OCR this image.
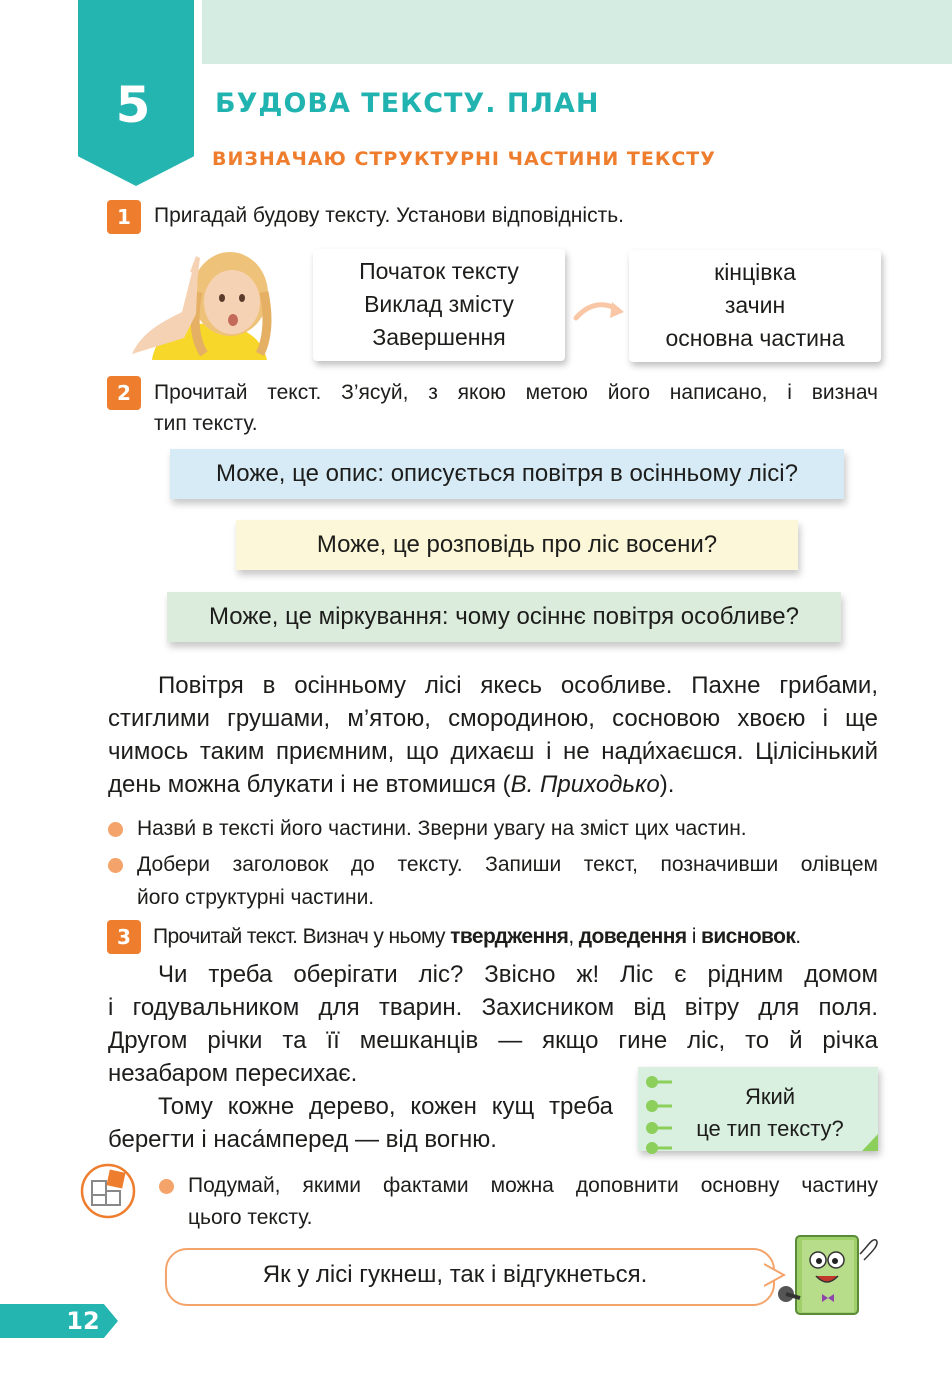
5	БУДОВА ТЕКСТУ. ПЛАН
ВИЗНАЧАЮ СТРУКТУРНІ ЧАСТИНИ ТЕКСТУ
1	Пригадай будову тексту. Установи відповідність.
Початок тексту
Виклад змісту
Завершення
кінцівка
зачин
основна частина
2	Прочитай текст. З’ясуй, з якою метою його написано, і визнач
тип тексту.
Може, це опис: описується повітря в осінньому лісі?
Може, це розповідь про ліс восени?
Може, це міркування: чому осіннє повітря особливе?
Повітря в осінньому лісі якесь особливе. Пахне грибами,
стиглими грушами, м’ятою, смородиною, сосновою хвоєю і ще
чимось таким приємним, що дихаєш і не нади́хаєшся. Цілісінький
день можна блукати і не втомишся (В. Приходько).
Назви́ в тексті його частини. Зверни увагу на зміст цих частин.
Добери заголовок до тексту. Запиши текст, позначивши олівцем
його структурні частини.
3	Прочитай текст. Визнач у ньому твердження, доведення і висновок.
Чи треба оберігати ліс? Звісно ж! Ліс є рідним домом
і годувальником для тварин. Захисником від вітру для поля.
Другом річки та її мешканців — якщо гине ліс, то й річка
незабаром пересихає.
Тому кожне дерево, кожен кущ треба
берегти і наса́мперед — від вогню.
Який
це тип тексту?
Подумай, якими фактами можна доповнити основну частину
цього тексту.
Як у лісі гукнеш, так і відгукнеться.
12
